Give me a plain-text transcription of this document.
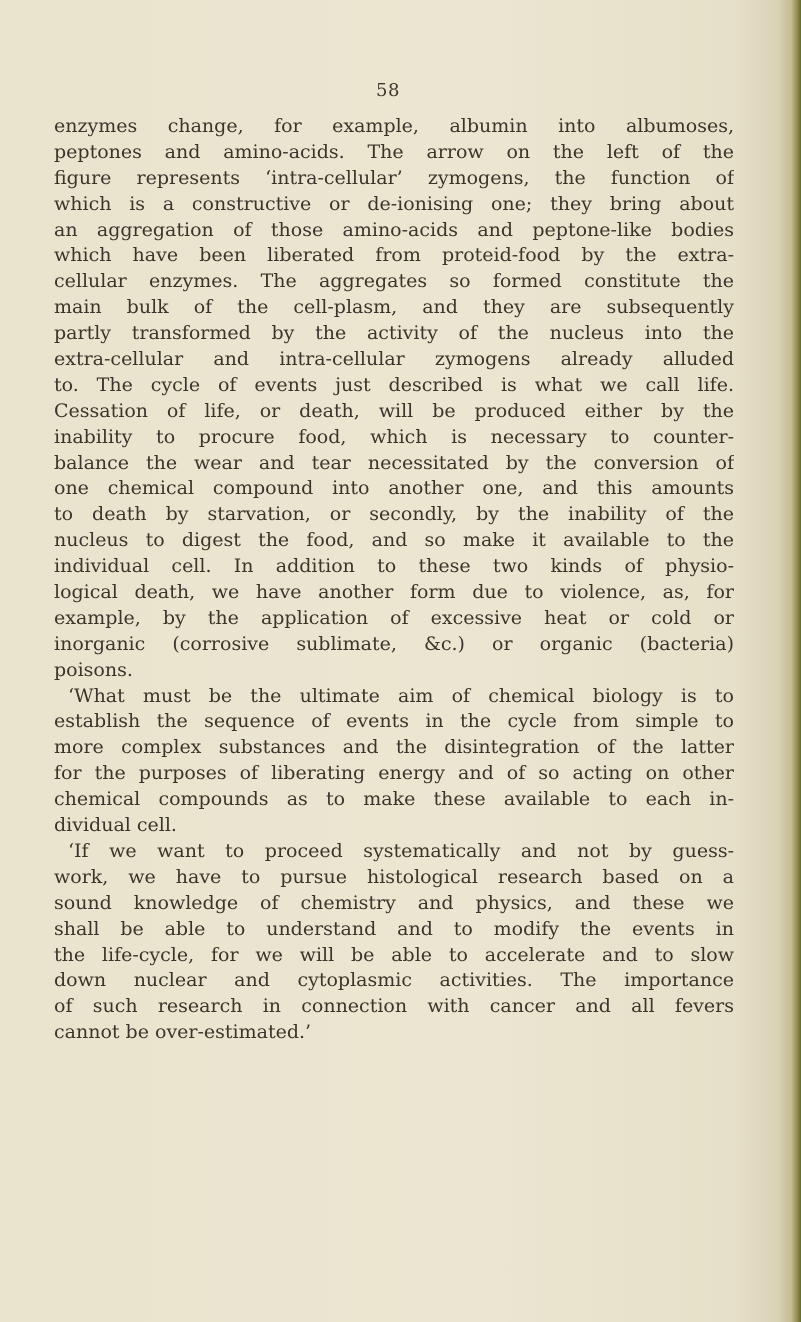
58
enzymes change, for example, albumin into albumoses,
peptones and amino-acids. The arrow on the left of the
figure represents ‘intra-cellular’ zymogens, the function of
which is a constructive or de-ionising one; they bring about
an aggregation of those amino-acids and peptone-like bodies
which have been liberated from proteid-food by the extra-
cellular enzymes. The aggregates so formed constitute the
main bulk of the cell-plasm, and they are subsequently
partly transformed by the activity of the nucleus into the
extra-cellular and intra-cellular zymogens already alluded
to. The cycle of events just described is what we call life.
Cessation of life, or death, will be produced either by the
inability to procure food, which is necessary to counter-
balance the wear and tear necessitated by the conversion of
one chemical compound into another one, and this amounts
to death by starvation, or secondly, by the inability of the
nucleus to digest the food, and so make it available to the
individual cell. In addition to these two kinds of physio-
logical death, we have another form due to violence, as, for
example, by the application of excessive heat or cold or
inorganic (corrosive sublimate, &c.) or organic (bacteria)
poisons.
‘What must be the ultimate aim of chemical biology is to
establish the sequence of events in the cycle from simple to
more complex substances and the disintegration of the latter
for the purposes of liberating energy and of so acting on other
chemical compounds as to make these available to each in-
dividual cell.
‘If we want to proceed systematically and not by guess-
work, we have to pursue histological research based on a
sound knowledge of chemistry and physics, and these we
shall be able to understand and to modify the events in
the life-cycle, for we will be able to accelerate and to slow
down nuclear and cytoplasmic activities. The importance
of such research in connection with cancer and all fevers
cannot be over-estimated.’
